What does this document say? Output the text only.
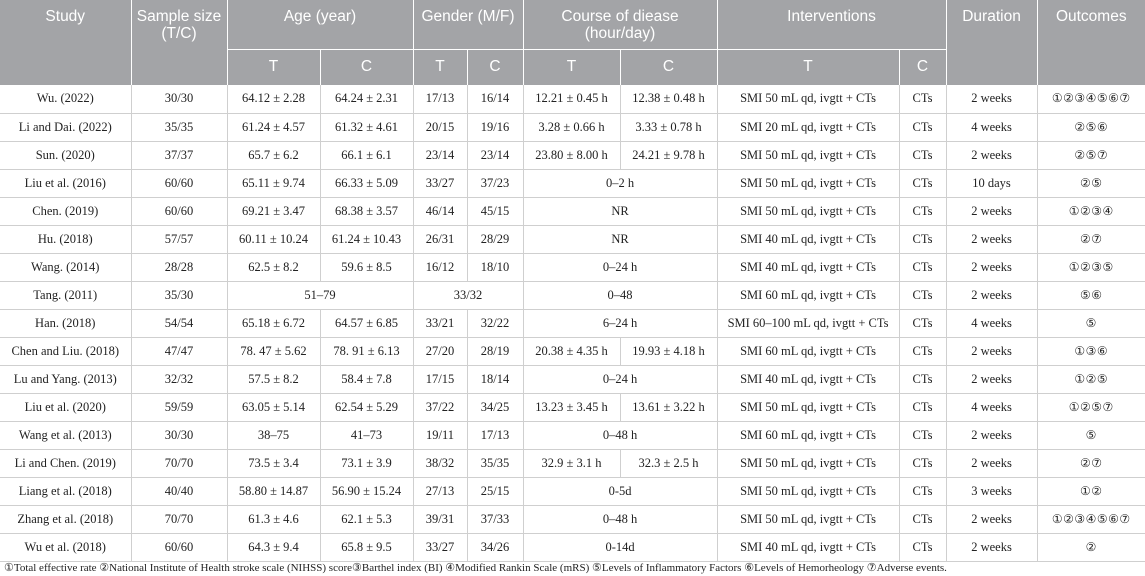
Study	Sample size (T/C)	Age (year)		Gender (M/F)		Course of diease (hour/day)		Interventions		Duration	Outcomes
		T	C	T	C	T	C	T	C		
Wu. (2022)	30/30	64.12 ± 2.28	64.24 ± 2.31	17/13	16/14	12.21 ± 0.45 h	12.38 ± 0.48 h	SMI 50 mL qd, ivgtt + CTs	CTs	2 weeks	①②③④⑤⑥⑦
Li and Dai. (2022)	35/35	61.24 ± 4.57	61.32 ± 4.61	20/15	19/16	3.28 ± 0.66 h	3.33 ± 0.78 h	SMI 20 mL qd, ivgtt + CTs	CTs	4 weeks	②⑤⑥
Sun. (2020)	37/37	65.7 ± 6.2	66.1 ± 6.1	23/14	23/14	23.80 ± 8.00 h	24.21 ± 9.78 h	SMI 50 mL qd, ivgtt + CTs	CTs	2 weeks	②⑤⑦
Liu et al. (2016)	60/60	65.11 ± 9.74	66.33 ± 5.09	33/27	37/23	0–2 h		SMI 50 mL qd, ivgtt + CTs	CTs	10 days	②⑤
Chen. (2019)	60/60	69.21 ± 3.47	68.38 ± 3.57	46/14	45/15	NR		SMI 50 mL qd, ivgtt + CTs	CTs	2 weeks	①②③④
Hu. (2018)	57/57	60.11 ± 10.24	61.24 ± 10.43	26/31	28/29	NR		SMI 40 mL qd, ivgtt + CTs	CTs	2 weeks	②⑦
Wang. (2014)	28/28	62.5 ± 8.2	59.6 ± 8.5	16/12	18/10	0–24 h		SMI 40 mL qd, ivgtt + CTs	CTs	2 weeks	①②③⑤
Tang. (2011)	35/30	51–79		33/32		0–48		SMI 60 mL qd, ivgtt + CTs	CTs	2 weeks	⑤⑥
Han. (2018)	54/54	65.18 ± 6.72	64.57 ± 6.85	33/21	32/22	6–24 h		SMI 60–100 mL qd, ivgtt + CTs	CTs	4 weeks	⑤
Chen and Liu. (2018)	47/47	78. 47 ± 5.62	78. 91 ± 6.13	27/20	28/19	20.38 ± 4.35 h	19.93 ± 4.18 h	SMI 60 mL qd, ivgtt + CTs	CTs	2 weeks	①③⑥
Lu and Yang. (2013)	32/32	57.5 ± 8.2	58.4 ± 7.8	17/15	18/14	0–24 h		SMI 40 mL qd, ivgtt + CTs	CTs	2 weeks	①②⑤
Liu et al. (2020)	59/59	63.05 ± 5.14	62.54 ± 5.29	37/22	34/25	13.23 ± 3.45 h	13.61 ± 3.22 h	SMI 50 mL qd, ivgtt + CTs	CTs	4 weeks	①②⑤⑦
Wang et al. (2013)	30/30	38–75	41–73	19/11	17/13	0–48 h		SMI 60 mL qd, ivgtt + CTs	CTs	2 weeks	⑤
Li and Chen. (2019)	70/70	73.5 ± 3.4	73.1 ± 3.9	38/32	35/35	32.9 ± 3.1 h	32.3 ± 2.5 h	SMI 50 mL qd, ivgtt + CTs	CTs	2 weeks	②⑦
Liang et al. (2018)	40/40	58.80 ± 14.87	56.90 ± 15.24	27/13	25/15	0-5d		SMI 50 mL qd, ivgtt + CTs	CTs	3 weeks	①②
Zhang et al. (2018)	70/70	61.3 ± 4.6	62.1 ± 5.3	39/31	37/33	0–48 h		SMI 50 mL qd, ivgtt + CTs	CTs	2 weeks	①②③④⑤⑥⑦
Wu et al. (2018)	60/60	64.3 ± 9.4	65.8 ± 9.5	33/27	34/26	0-14d		SMI 40 mL qd, ivgtt + CTs	CTs	2 weeks	②
①Total effective rate ②National Institute of Health stroke scale (NIHSS) score③Barthel index (BI) ④Modified Rankin Scale (mRS) ⑤Levels of Inflammatory Factors ⑥Levels of Hemorheology ⑦Adverse events.
